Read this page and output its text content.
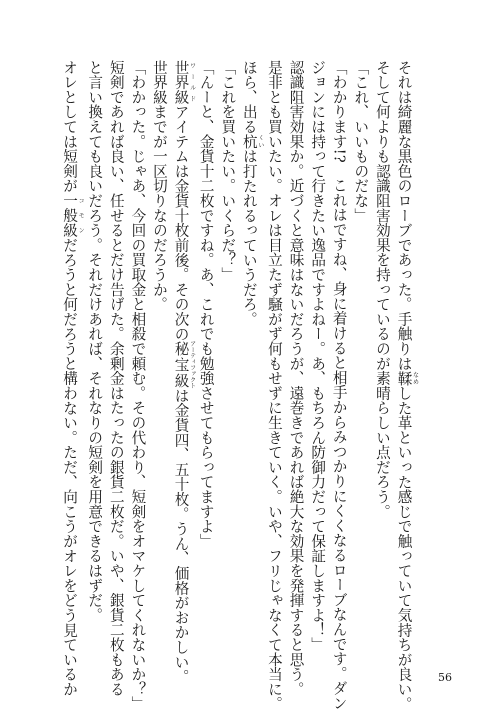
それは綺麗な黒色のローブであった。手触りは鞣 なめした革といった感じで触っていて気持ちが良い。
そして何よりも認識阻害効果を持っているのが素晴らしい点だろう。
「これ、いいものだな」
「わかります!?　これはですね、身に着けると相手からみつかりにくくなるローブなんです。ダン
ジョンには持って行きたい逸品ですよねー。あ、もちろん防御力だって保証しますよ！」
認識阻害効果か。近づくと意味はないだろうが、遠巻きであれば絶大な効果を発揮すると思う。
是非とも買いたい。オレは目立たず騒がず何もせずに生きていく。いや、フリじゃなくて本当に。
ほら、出る杭 くいは打たれるっていうだろ。
「これを買いたい。いくらだ？」
「んーと、金貨十二枚ですね。あ、これでも勉強させてもらってますよ」
世界級 ワールドアイテムは金貨十枚前後。その次の秘宝級 アーティファクトは金貨四、五十枚。うん、価格がおかしい。
世界級までが一区切りなのだろうか。
「わかった。じゃあ、今回の買取金と相殺で頼む。その代わり、短剣をオマケしてくれないか？」
短剣であれば良い、任せるとだけ告げた。余剰金はたったの銀貨二枚だ。いや、銀貨二枚もある
と言い換えても良いだろう。それだけあれば、それなりの短剣を用意できるはずだ。
オレとしては短剣が一般級 コモンだろうと何だろうと構わない。ただ、向こうがオレをどう見ているか	56
